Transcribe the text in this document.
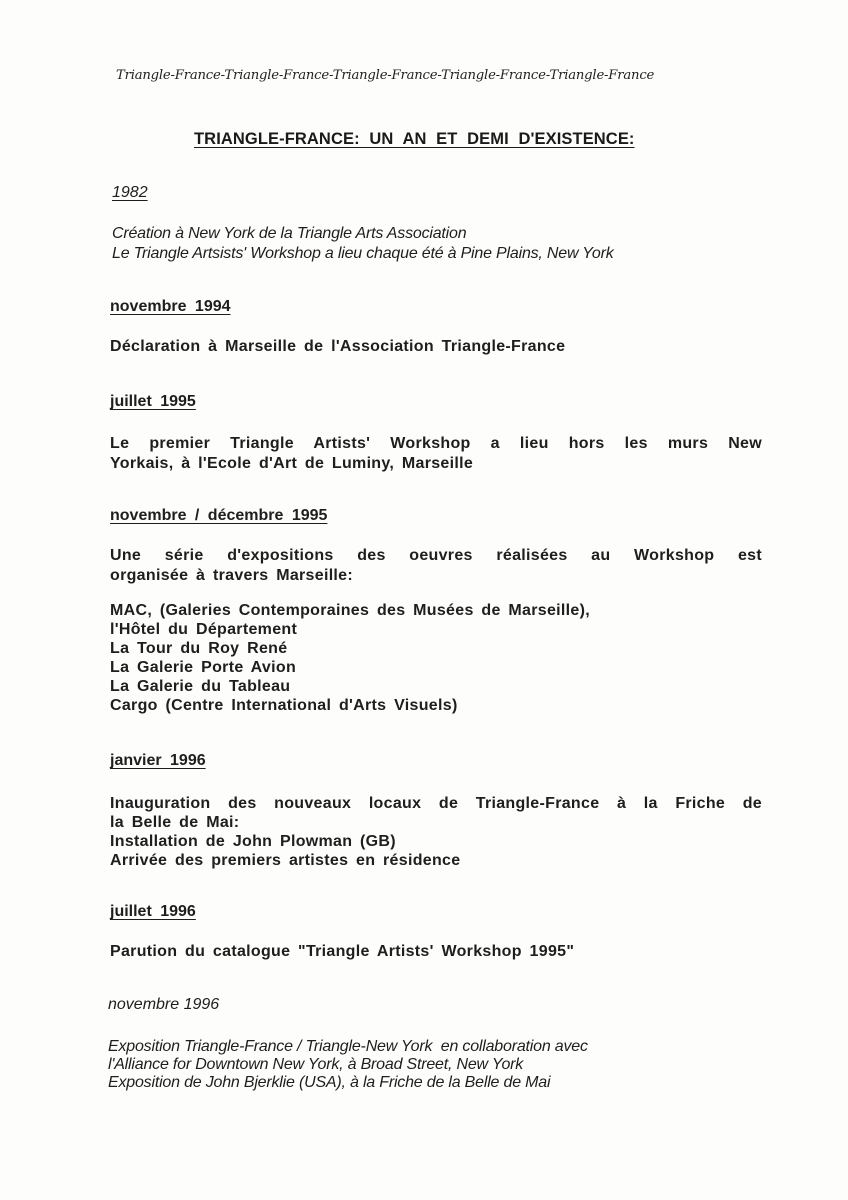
Triangle-France-Triangle-France-Triangle-France-Triangle-France-Triangle-France
TRIANGLE-FRANCE: UN AN ET DEMI D'EXISTENCE:
1982
Création à New York de la Triangle Arts Association
Le Triangle Artsists' Workshop a lieu chaque été à Pine Plains, New York
novembre 1994
Déclaration à Marseille de l'Association Triangle-France
juillet 1995
Le premier Triangle Artists' Workshop a lieu hors les murs New
Yorkais, à l'Ecole d'Art de Luminy, Marseille
novembre / décembre 1995
Une série d'expositions des oeuvres réalisées au Workshop est
organisée à travers Marseille:
MAC, (Galeries Contemporaines des Musées de Marseille),
l'Hôtel du Département
La Tour du Roy René
La Galerie Porte Avion
La Galerie du Tableau
Cargo (Centre International d'Arts Visuels)
janvier 1996
Inauguration des nouveaux locaux de Triangle-France à la Friche de
la Belle de Mai:
Installation de John Plowman (GB)
Arrivée des premiers artistes en résidence
juillet 1996
Parution du catalogue "Triangle Artists' Workshop 1995"
novembre 1996
Exposition Triangle-France / Triangle-New York  en collaboration avec
l'Alliance for Downtown New York, à Broad Street, New York
Exposition de John Bjerklie (USA), à la Friche de la Belle de Mai
